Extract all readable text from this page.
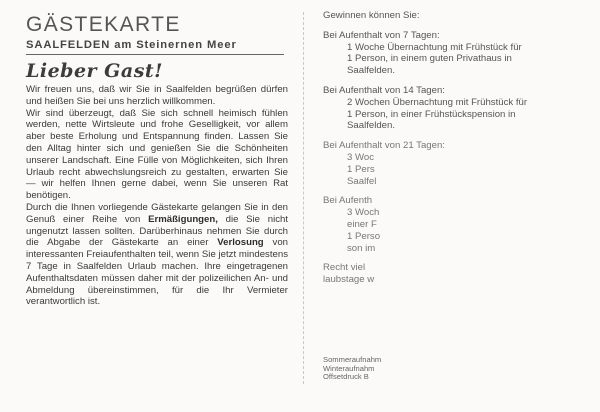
GÄSTEKARTE
SAALFELDEN am Steinernen Meer
Lieber Gast!

Wir freuen uns, daß wir Sie in Saalfelden begrüßen dürfen und heißen Sie bei uns herzlich willkommen.

Wir sind überzeugt, daß Sie sich schnell heimisch fühlen werden, nette Wirtsleute und frohe Geselligkeit, vor allem aber beste Erholung und Entspannung finden. Lassen Sie den Alltag hinter sich und genießen Sie die Schönheiten unserer Landschaft. Eine Fülle von Möglichkeiten, sich Ihren Urlaub recht abwechslungsreich zu gestalten, erwarten Sie — wir helfen Ihnen gerne dabei, wenn Sie unseren Rat benötigen.

Durch die Ihnen vorliegende Gästekarte gelangen Sie in den Genuß einer Reihe von Ermäßigungen, die Sie nicht ungenutzt lassen sollten. Darüberhinaus nehmen Sie durch die Abgabe der Gästekarte an einer Verlosung von interessanten Freiaufenthalten teil, wenn Sie jetzt mindestens 7 Tage in Saalfelden Urlaub machen. Ihre eingetragenen Aufenthaltsdaten müssen daher mit der polizeilichen An- und Abmeldung übereinstimmen, für die Ihr Vermieter verantwortlich ist.

Gewinnen können Sie:

Bei Aufenthalt von 7 Tagen:

1 Woche Übernachtung mit Frühstück für
1 Person, in einem guten Privathaus in
Saalfelden.

Bei Aufenthalt von 14 Tagen:

2 Wochen Übernachtung mit Frühstück für
1 Person, in einer Frühstückspension in
Saalfelden.

Bei Aufenthalt von 21 Tagen:

3 Woc
1 Pers
Saalfel

Bei Aufenth

3 Woch
einer F
1 Perso
son im
Recht viel
laubstage w
Sommeraufnahm
Winteraufnahm
Offsetdruck B
